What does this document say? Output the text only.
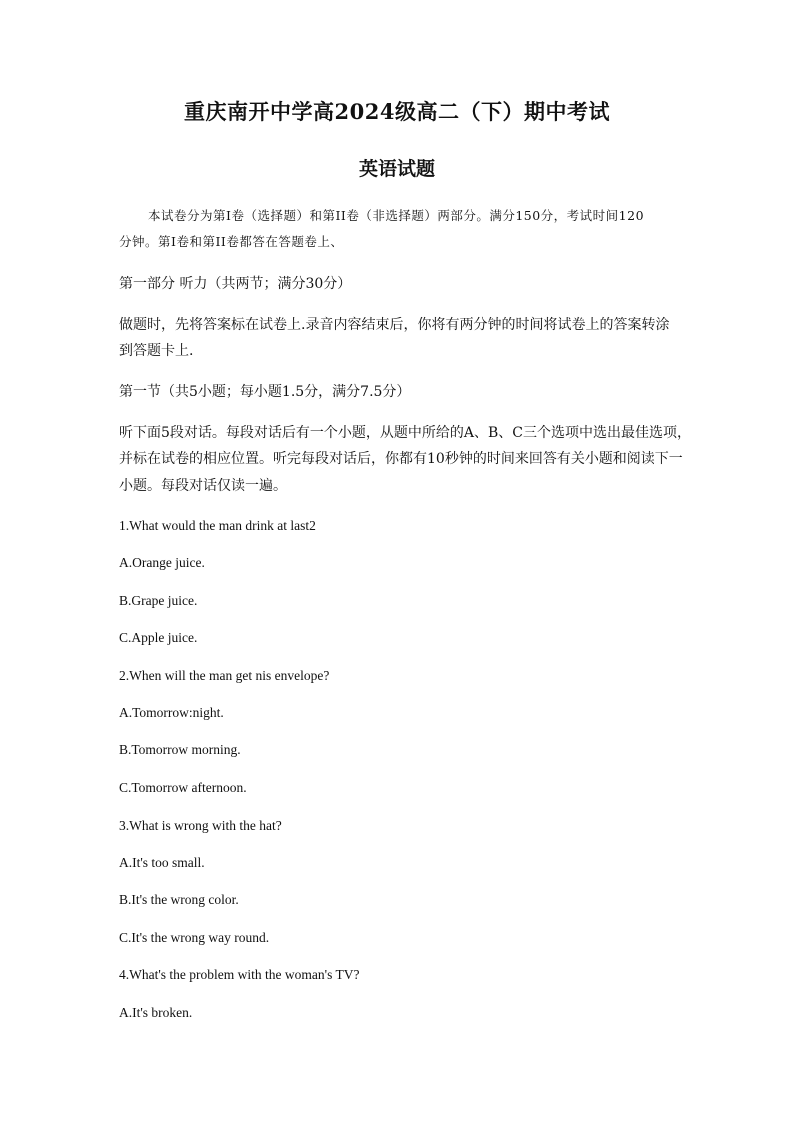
重庆南开中学高2024级高二（下）期中考试
英语试题
本试卷分为第I卷（选择题）和第II卷（非选择题）两部分。满分150分，考试时间120
分钟。第I卷和第II卷都答在答题卷上、
第一部分 听力（共两节；满分30分）
做题时，先将答案标在试卷上.录音内容结束后，你将有两分钟的时间将试卷上的答案转涂
到答题卡上.
第一节（共5小题；每小题1.5分，满分7.5分）
听下面5段对话。每段对话后有一个小题，从题中所给的A、B、C三个选项中选出最佳选项，
并标在试卷的相应位置。听完每段对话后，你都有10秒钟的时间来回答有关小题和阅读下一
小题。每段对话仅读一遍。
1.What would the man drink at last2
A.Orange juice.
B.Grape juice.
C.Apple juice.
2.When will the man get nis envelope?
A.Tomorrow:night.
B.Tomorrow morning.
C.Tomorrow afternoon.
3.What is wrong with the hat?
A.It's too small.
B.It's the wrong color.
C.It's the wrong way round.
4.What's the problem with the woman's TV?
A.It's broken.
